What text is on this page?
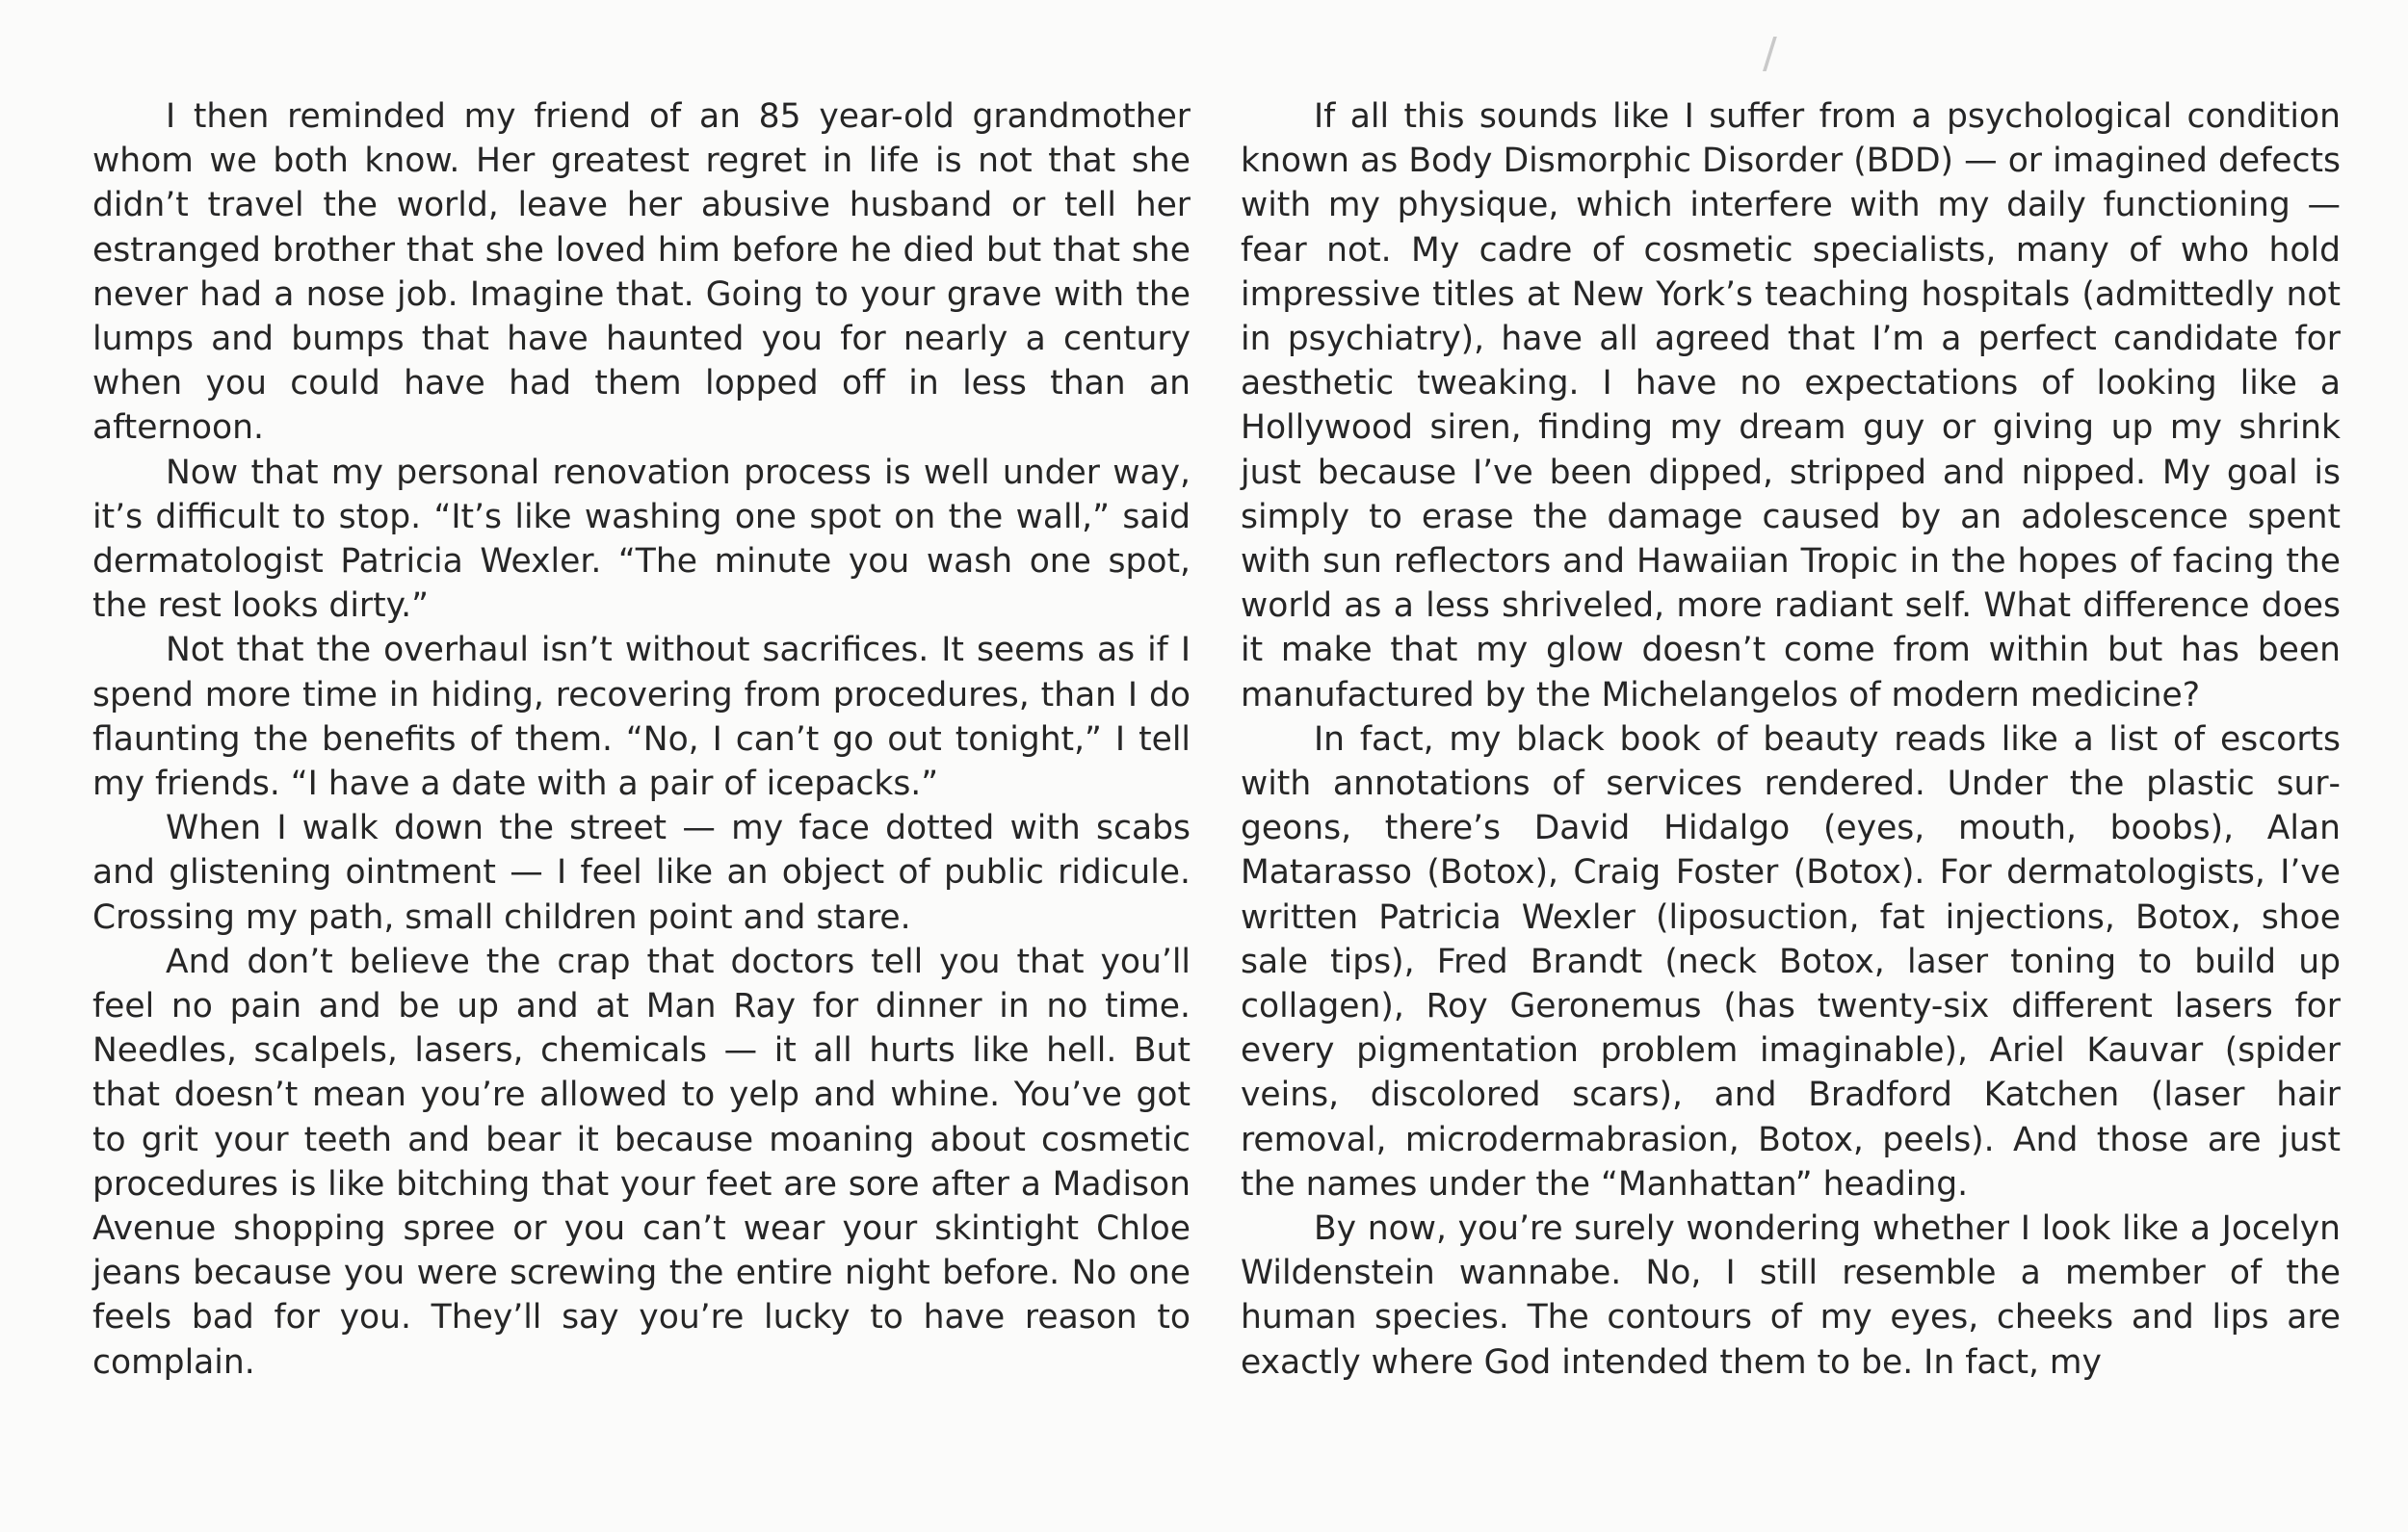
/

I then reminded my friend of an 85 year-old grandmother whom we both know. Her greatest regret in life is not that she didn’t travel the world, leave her abusive husband or tell her estranged brother that she loved him before he died but that she never had a nose job. Imagine that. Going to your grave with the lumps and bumps that have haunted you for nearly a century when you could have had them lopped off in less than an afternoon.

Now that my personal renovation process is well under way, it’s difficult to stop. “It’s like washing one spot on the wall,” said dermatologist Patricia Wexler. “The minute you wash one spot, the rest looks dirty.”

Not that the overhaul isn’t without sacrifices. It seems as if I spend more time in hiding, recovering from procedures, than I do flaunting the benefits of them. “No, I can’t go out tonight,” I tell my friends. “I have a date with a pair of icepacks.”

When I walk down the street — my face dotted with scabs and glistening ointment — I feel like an object of public ridicule. Crossing my path, small children point and stare.

And don’t believe the crap that doctors tell you that you’ll feel no pain and be up and at Man Ray for dinner in no time. Needles, scalpels, lasers, chemicals — it all hurts like hell. But that doesn’t mean you’re allowed to yelp and whine. You’ve got to grit your teeth and bear it because moaning about cosmetic procedures is like bitching that your feet are sore after a Madison Avenue shopping spree or you can’t wear your skintight Chloe jeans because you were screwing the entire night before. No one feels bad for you. They’ll say you’re lucky to have reason to complain.

If all this sounds like I suffer from a psychological condition known as Body Dismorphic Disorder (BDD) — or imagined defects with my physique, which interfere with my daily functioning — fear not. My cadre of cosmetic specialists, many of who hold impressive titles at New York’s teaching hospitals (admittedly not in psychiatry), have all agreed that I’m a perfect candidate for aesthetic tweaking. I have no expectations of looking like a Hollywood siren, finding my dream guy or giving up my shrink just because I’ve been dipped, stripped and nipped. My goal is simply to erase the damage caused by an adolescence spent with sun reflectors and Hawaiian Tropic in the hopes of facing the world as a less shriveled, more radiant self. What difference does it make that my glow doesn’t come from within but has been manufactured by the Michelangelos of modern medicine?

In fact, my black book of beauty reads like a list of escorts with annotations of services rendered. Under the plastic surgeons, there’s David Hidalgo (eyes, mouth, boobs), Alan Matarasso (Botox), Craig Foster (Botox). For dermatologists, I’ve written Patricia Wexler (liposuction, fat injections, Botox, shoe sale tips), Fred Brandt (neck Botox, laser toning to build up collagen), Roy Geronemus (has twenty-six different lasers for every pigmentation problem imaginable), Ariel Kauvar (spider veins, discolored scars), and Bradford Katchen (laser hair removal, microdermabrasion, Botox, peels). And those are just the names under the “Manhattan” heading.

By now, you’re surely wondering whether I look like a Jocelyn Wildenstein wannabe. No, I still resemble a member of the human species. The contours of my eyes, cheeks and lips are exactly where God intended them to be. In fact, my
